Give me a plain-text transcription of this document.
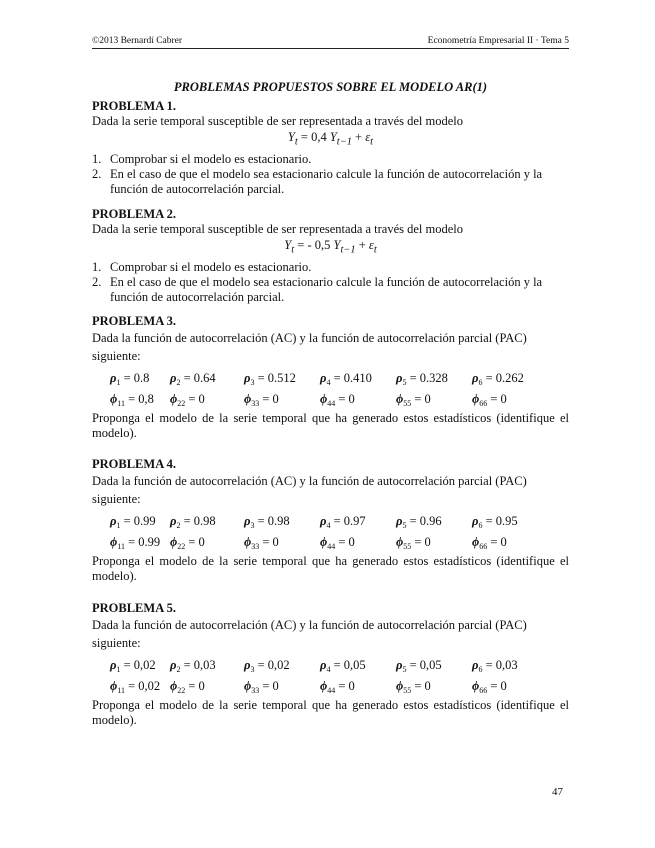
©2013 Bernardí Cabrer	Econometría Empresarial II · Tema 5
PROBLEMAS PROPUESTOS SOBRE EL MODELO AR(1)
PROBLEMA 1.
Dada la serie temporal susceptible de ser representada a través del modelo
$Y_t = 0,4$ $Y_{t-1} + \varepsilon_t$
1. Comprobar si el modelo es estacionario.
2. En el caso de que el modelo sea estacionario calcule la función de autocorrelación y la función de autocorrelación parcial.
PROBLEMA 2.
Dada la serie temporal susceptible de ser representada a través del modelo
$Y_t$ = - 0,5 $Y_{t-1} + \varepsilon_t$
1. Comprobar si el modelo es estacionario.
2. En el caso de que el modelo sea estacionario calcule la función de autocorrelación y la función de autocorrelación parcial.
PROBLEMA 3.
Dada la función de autocorrelación (AC) y la función de autocorrelación parcial (PAC)
siguiente:
$\rho_1 = 0.8$ $\rho_2 = 0.64$ $\rho_3 = 0.512$ $\rho_4 = 0.410$ $\rho_5 = 0.328$ $\rho_6 = 0.262$
$\phi_{11} = 0,8$ $\phi_{22} = 0$	$\phi_{33} = 0$	$\phi_{44} = 0$	$\phi_{55} = 0$	$\phi_{66} = 0$
Proponga el modelo de la serie temporal que ha generado estos estadísticos (identifique el modelo).
PROBLEMA 4.
Dada la función de autocorrelación (AC) y la función de autocorrelación parcial (PAC)
siguiente:
$\rho_1 = 0.99$ $\rho_2 = 0.98$ $\rho_3 = 0.98$ $\rho_4 = 0.97$ $\rho_5 = 0.96$ $\rho_6 = 0.95$
$\phi_{11} = 0.99$ $\phi_{22} = 0$	$\phi_{33} = 0$	$\phi_{44} = 0$	$\phi_{55} = 0$	$\phi_{66} = 0$
Proponga el modelo de la serie temporal que ha generado estos estadísticos (identifique el modelo).
PROBLEMA 5.
Dada la función de autocorrelación (AC) y la función de autocorrelación parcial (PAC)
siguiente:
$\rho_1 = 0,02$ $\rho_2 = 0,03$ $\rho_3 = 0,02$ $\rho_4 = 0,05$ $\rho_5 = 0,05$ $\rho_6 = 0,03$
$\phi_{11} = 0,02$ $\phi_{22} = 0$	$\phi_{33} = 0$	$\phi_{44} = 0$	$\phi_{55} = 0$	$\phi_{66} = 0$
Proponga el modelo de la serie temporal que ha generado estos estadísticos (identifique el modelo).
47
